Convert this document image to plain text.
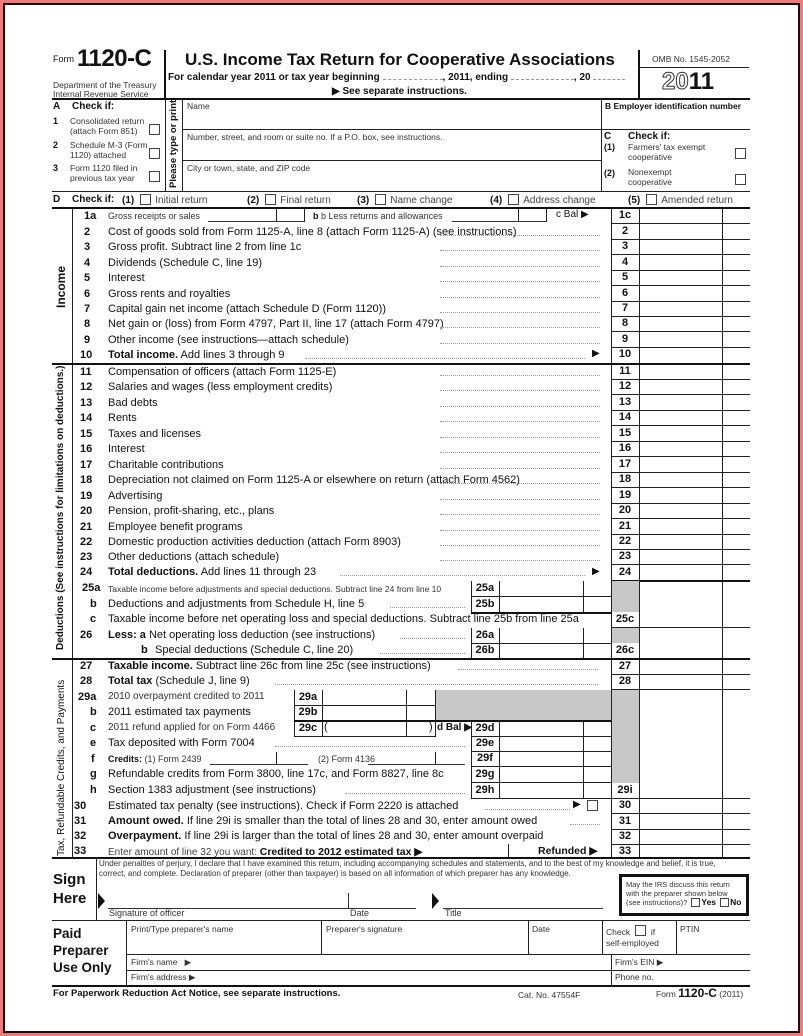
Form 1120-C
Department of the Treasury
Internal Revenue Service
U.S. Income Tax Return for Cooperative Associations
For calendar year 2011 or tax year beginning	, 2011, ending	, 20
▶ See separate instructions.
OMB No. 1545-2052
2011
A Check if:
1 Consolidated return
(attach Form 851)
2 Schedule M-3 (Form
1120) attached
3 Form 1120 filed in
previous tax year	Please type or print Name
Number, street, and room or suite no. If a P.O. box, see instructions.
City or town, state, and ZIP code
B Employer identification number
C Check if:
(1) Farmers' tax exempt
cooperative
(2) Nonexempt
cooperative
D Check if: (1) Initial return	(2) Final return	(3) Name change	(4) Address change	(5) Amended return
Income
1a Gross receipts or sales	b b Less returns and allowances	c Bal ▶	1c
2 Cost of goods sold from Form 1125-A, line 8 (attach Form 1125-A) (see instructions)	2
3 Gross profit. Subtract line 2 from line 1c	3
4 Dividends (Schedule C, line 19)	4
5 Interest	5
6 Gross rents and royalties	6
7 Capital gain net income (attach Schedule D (Form 1120))	7
8 Net gain or (loss) from Form 4797, Part II, line 17 (attach Form 4797)	8
9 Other income (see instructions—attach schedule)	9
10 Total income. Add lines 3 through 9	▶	10
Deductions (See instructions for limitations on deductions.) 11 Compensation of officers (attach Form 1125-E)	11
12 Salaries and wages (less employment credits)	12
13 Bad debts	13
14 Rents	14
15 Taxes and licenses	15
16 Interest	16
17 Charitable contributions	17
18 Depreciation not claimed on Form 1125-A or elsewhere on return (attach Form 4562)	18
19 Advertising	19
20 Pension, profit-sharing, etc., plans	20
21 Employee benefit programs	21
22 Domestic production activities deduction (attach Form 8903)	22
23 Other deductions (attach schedule)	23
24 Total deductions. Add lines 11 through 23	▶	24
25a Taxable income before adjustments and special deductions. Subtract line 24 from line 10	25a
b Deductions and adjustments from Schedule H, line 5	25b
c Taxable income before net operating loss and special deductions. Subtract line 25b from line 25a	25c
26 Less: a Net operating loss deduction (see instructions)	26a
b Special deductions (Schedule C, line 20)	26b	26c
Tax, Refundable Credits, and Payments
27 Taxable income. Subtract line 26c from line 25c (see instructions)	27
28 Total tax (Schedule J, line 9)	28
29a 2010 overpayment credited to 2011	29a
b 2011 estimated tax payments	29b
c 2011 refund applied for on Form 4466	29c (	) d Bal ▶ 29d
e Tax deposited with Form 7004	29e
f Credits: (1) Form 2439	(2) Form 4136	29f
g Refundable credits from Form 3800, line 17c, and Form 8827, line 8c	29g
h Section 1383 adjustment (see instructions)	29h	29i
30 Estimated tax penalty (see instructions). Check if Form 2220 is attached	▶	30
31 Amount owed. If line 29i is smaller than the total of lines 28 and 30, enter amount owed	31
32 Overpayment. If line 29i is larger than the total of lines 28 and 30, enter amount overpaid	32
33 Enter amount of line 32 you want: Credited to 2012 estimated tax ▶	Refunded ▶	33
Sign
Here
Under penalties of perjury, I declare that I have examined this return, including accompanying schedules and statements, and to the best of my knowledge and belief, it is true,
correct, and complete. Declaration of preparer (other than taxpayer) is based on all information of which preparer has any knowledge.
Signature of officer	Date	Title
May the IRS discuss this return
with the preparer shown below
(see instructions)? Yes No
Paid
Preparer
Use Only
Print/Type preparer's name	Preparer's signature	Date	Check if
self-employed
PTIN
Firm's name   ▶	Firm's EIN ▶
Firm's address ▶	Phone no.
For Paperwork Reduction Act Notice, see separate instructions.	Cat. No. 47554F	Form 1120-C (2011)
